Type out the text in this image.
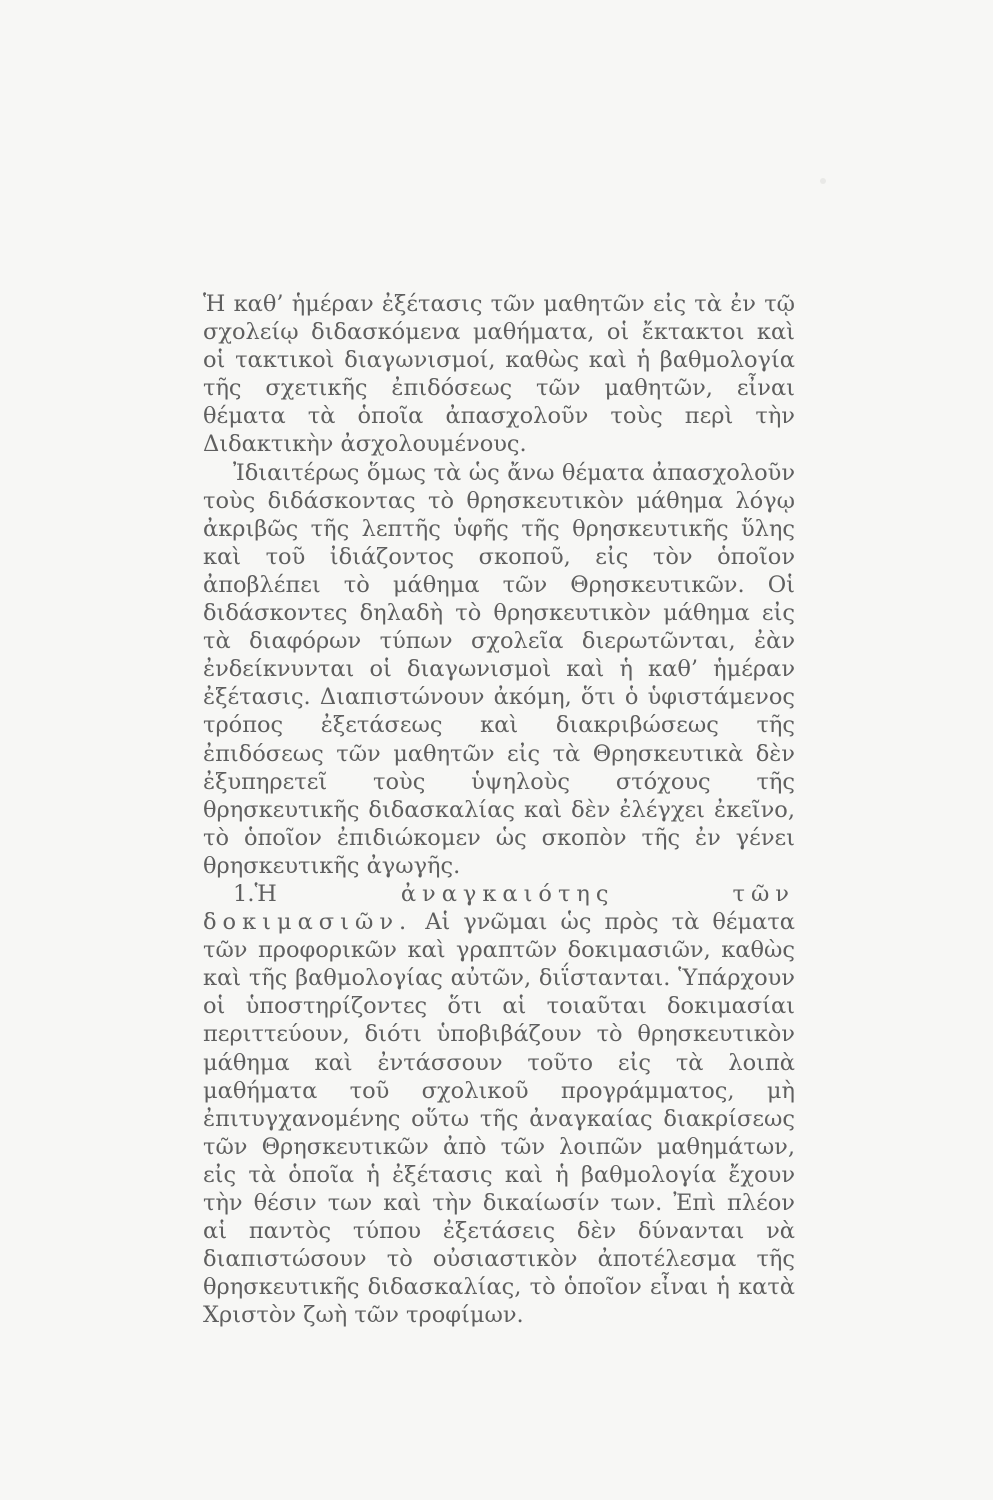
Ἡ καθ’ ἡμέραν ἐξέτασις τῶν μαθητῶν εἰς τὰ ἐν τῷ σχολείῳ διδασκόμενα μαθήματα, οἱ ἔκτακτοι καὶ οἱ τακτικοὶ διαγωνισμοί, καθὼς καὶ ἡ βαθμολογία τῆς σχετικῆς ἐπιδόσεως τῶν μαθητῶν, εἶναι θέματα τὰ ὁποῖα ἀπασχολοῦν τοὺς περὶ τὴν Διδακτικὴν ἀσχολουμένους.

Ἰδιαιτέρως ὅμως τὰ ὡς ἄνω θέματα ἀπασχολοῦν τοὺς διδάσκοντας τὸ θρησκευτικὸν μάθημα λόγῳ ἀκριβῶς τῆς λεπτῆς ὑφῆς τῆς θρησκευτικῆς ὕλης καὶ τοῦ ἰδιάζοντος σκοποῦ, εἰς τὸν ὁποῖον ἀποβλέπει τὸ μάθημα τῶν Θρησκευτικῶν. Οἱ διδάσκοντες δηλαδὴ τὸ θρησκευτικὸν μάθημα εἰς τὰ διαφόρων τύπων σχολεῖα διερωτῶνται, ἐὰν ἐνδείκνυνται οἱ διαγωνισμοὶ καὶ ἡ καθ’ ἡμέραν ἐξέτασις. Διαπιστώνουν ἀκόμη, ὅτι ὁ ὑφιστάμενος τρόπος ἐξετάσεως καὶ διακριβώσεως τῆς ἐπιδόσεως τῶν μαθητῶν εἰς τὰ Θρησκευτικὰ δὲν ἐξυπηρετεῖ τοὺς ὑψηλοὺς στόχους τῆς θρησκευτικῆς διδασκαλίας καὶ δὲν ἐλέγχει ἐκεῖνο, τὸ ὁποῖον ἐπιδιώκομεν ὡς σκοπὸν τῆς ἐν γένει θρησκευτικῆς ἀγωγῆς.

1.Ἡ ἀναγκαιότης τῶν δοκιμασιῶν. Αἱ γνῶμαι ὡς πρὸς τὰ θέματα τῶν προφορικῶν καὶ γραπτῶν δοκιμασιῶν, καθὼς καὶ τῆς βαθμολογίας αὐτῶν, διΐστανται. Ὑπάρχουν οἱ ὑποστηρίζοντες ὅτι αἱ τοιαῦται δοκιμασίαι περιττεύουν, διότι ὑποβιβάζουν τὸ θρησκευτικὸν μάθημα καὶ ἐντάσσουν τοῦτο εἰς τὰ λοιπὰ μαθήματα τοῦ σχολικοῦ προγράμματος, μὴ ἐπιτυγχανομένης οὕτω τῆς ἀναγκαίας διακρίσεως τῶν Θρησκευτικῶν ἀπὸ τῶν λοιπῶν μαθημάτων, εἰς τὰ ὁποῖα ἡ ἐξέτασις καὶ ἡ βαθμολογία ἔχουν τὴν θέσιν των καὶ τὴν δικαίωσίν των. Ἐπὶ πλέον αἱ παντὸς τύπου ἐξετάσεις δὲν δύνανται νὰ διαπιστώσουν τὸ οὐσιαστικὸν ἀποτέλεσμα τῆς θρησκευτικῆς διδασκαλίας, τὸ ὁποῖον εἶναι ἡ κατὰ Χριστὸν ζωὴ τῶν τροφίμων.
